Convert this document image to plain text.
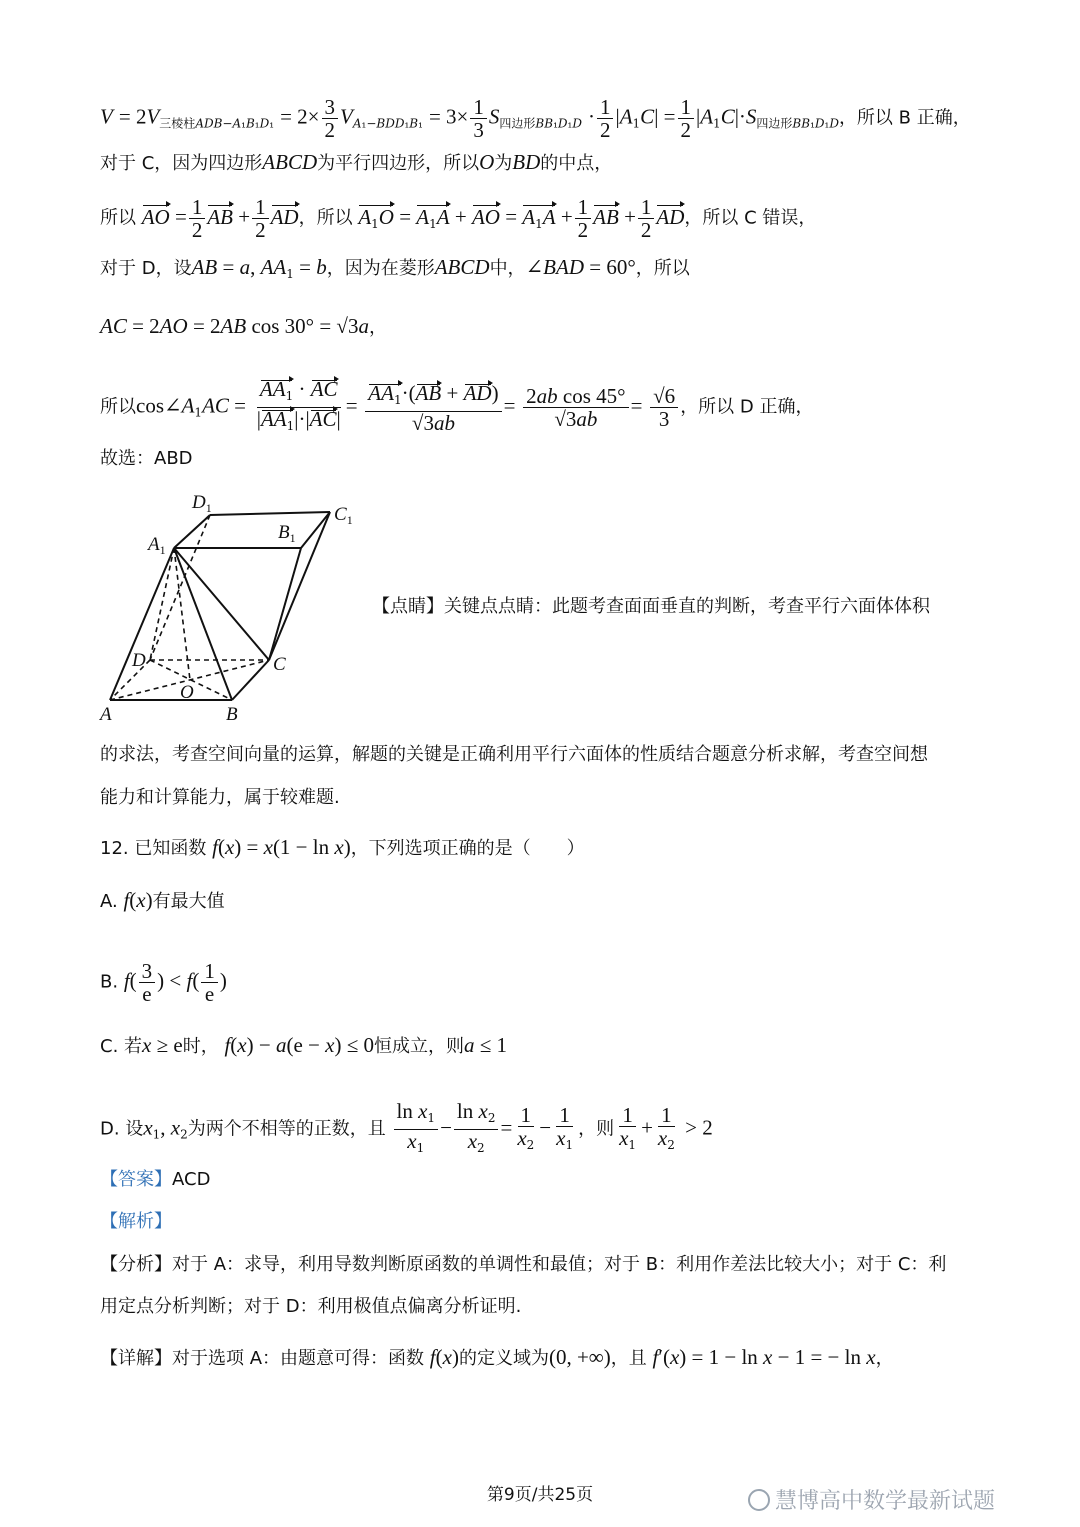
$V = 2V_{三棱柱ADB-A_1B_1D_1} = 2\times \frac{3}{2} V_{A_1-BDD_1B_1} = 3\times \frac{1}{3} S_{四边形BB_1D_1D} \cdot \frac{1}{2} |A_1C| = \frac{1}{2} |A_1C|\cdot S_{四边形BB_1D_1D}$，所以 B 正确，
对于 C，因为四边形ABCD为平行四边形，所以O为BD的中点，
所以 AO = $\frac{1}{2}$ AB + $\frac{1}{2}$ AD，所以 $A_1O = A_1A$ + AO = $A_1A + \frac{1}{2}$ AB + $\frac{1}{2}$ AD，所以 C 错误，
对于 D，设AB = a, $AA_1 = b$，因为在菱形ABCD中，∠BAD = 60°，所以
AC = 2AO = 2AB cos 30° = √3a，
所以$\cos\angle A_1AC = \frac{AA_1 \cdot AC}{|AA_1|\cdot|AC|} = \frac{AA_1\cdot(AB + AD)}{√3ab} = \frac{\text{2ab cos 45°}}{√3ab} = \frac{√6}{3}$ ，所以 D 正确，
故选：ABD
$D_1$	$C_1$
$B_1$
$A_1$
D	C
O
A	B
【点睛】关键点点睛：此题考查面面垂直的判断，考查平行六面体体积
的求法，考查空间向量的运算，解题的关键是正确利用平行六面体的性质结合题意分析求解，考查空间想
能力和计算能力，属于较难题.
12. 已知函数 f(x) = x(1 − ln x)，下列选项正确的是（　　）
A. f(x)有最大值
B. $f( \frac{3}{e}$ ) < $f( \frac{1}{e}$ )
C. 若x ≥ e时， f(x) − a(e − x) ≤ 0恒成立，则a ≤ 1
D. 设$x_1$, $x_2$为两个不相等的正数，且 $\frac{\ln x_1}{x_1} - \frac{\ln x_2}{x_2} = \frac{1}{x_2} - \frac{1}{x_1}$ ，则 $\frac{1}{x_1} + \frac{1}{x_2} > 2$
【答案】ACD
【解析】
【分析】对于 A：求导，利用导数判断原函数的单调性和最值；对于 B：利用作差法比较大小；对于 C：利
用定点分析判断；对于 D：利用极值点偏离分析证明.
【详解】对于选项 A：由题意可得：函数 f(x)的定义域为(0, +∞)，且 f′(x) = 1 − ln x − 1 = − ln x，
第9页/共25页	慧博高中数学最新试题
